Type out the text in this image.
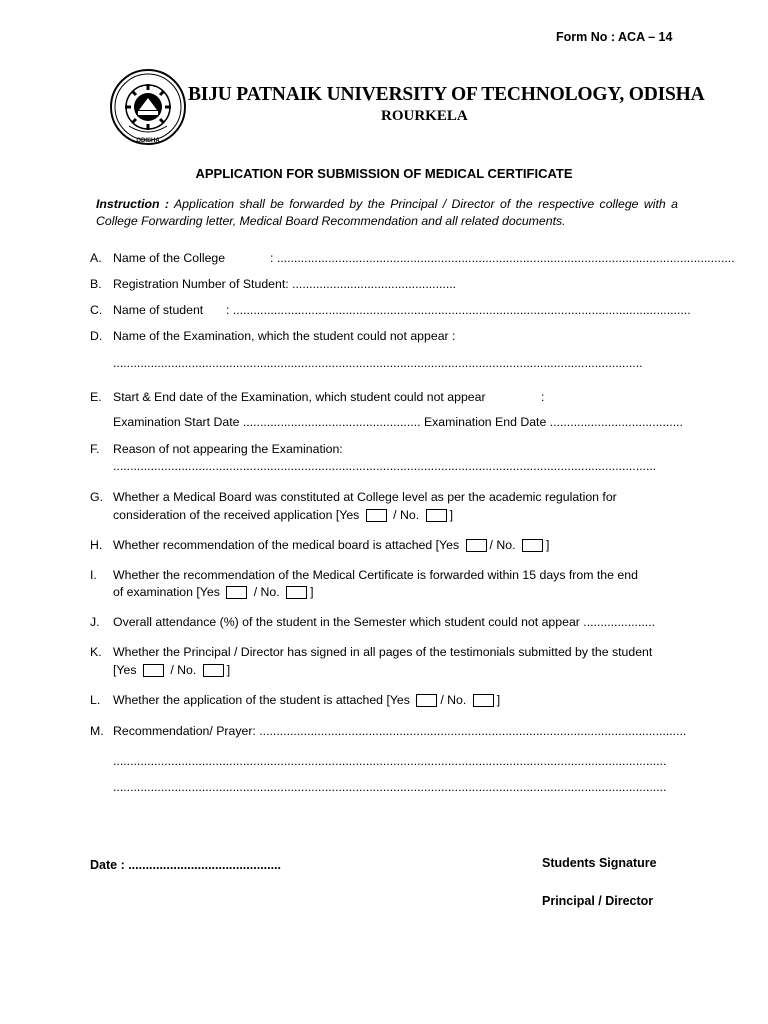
Form No : ACA – 14
ODISHA
BIJU PATNAIK UNIVERSITY OF TECHNOLOGY, ODISHA
ROURKELA
APPLICATION FOR SUBMISSION OF MEDICAL CERTIFICATE
Instruction : Application shall be forwarded by the Principal / Director of the respective college with a College Forwarding letter, Medical Board Recommendation and all related documents.
A. Name of the College	: ......................................................................................................................................
B. Registration Number of Student: ................................................
C. Name of student : ......................................................................................................................................
D. Name of the Examination, which the student could not appear :
...........................................................................................................................................................
E. Start & End date of the Examination, which student could not appear	:
Examination Start Date .................................................... Examination End Date .......................................
F. Reason of not appearing the Examination:
...............................................................................................................................................................
G. Whether a Medical Board was constituted at College level as per the academic regulation for
consideration of the received application [Yes	/ No. ]
H. Whether recommendation of the medical board is attached [Yes / No. ]
I.	Whether the recommendation of the Medical Certificate is forwarded within 15 days from the end
of examination [Yes	/ No. ]
J. Overall attendance (%) of the student in the Semester which student could not appear .....................
K. Whether the Principal / Director has signed in all pages of the testimonials submitted by the student
[Yes	/ No. ]
L. Whether the application of the student is attached [Yes / No. ]
M. Recommendation/ Prayer: .............................................................................................................................
..................................................................................................................................................................
..................................................................................................................................................................
Date : ............................................	Students Signature
Principal / Director
